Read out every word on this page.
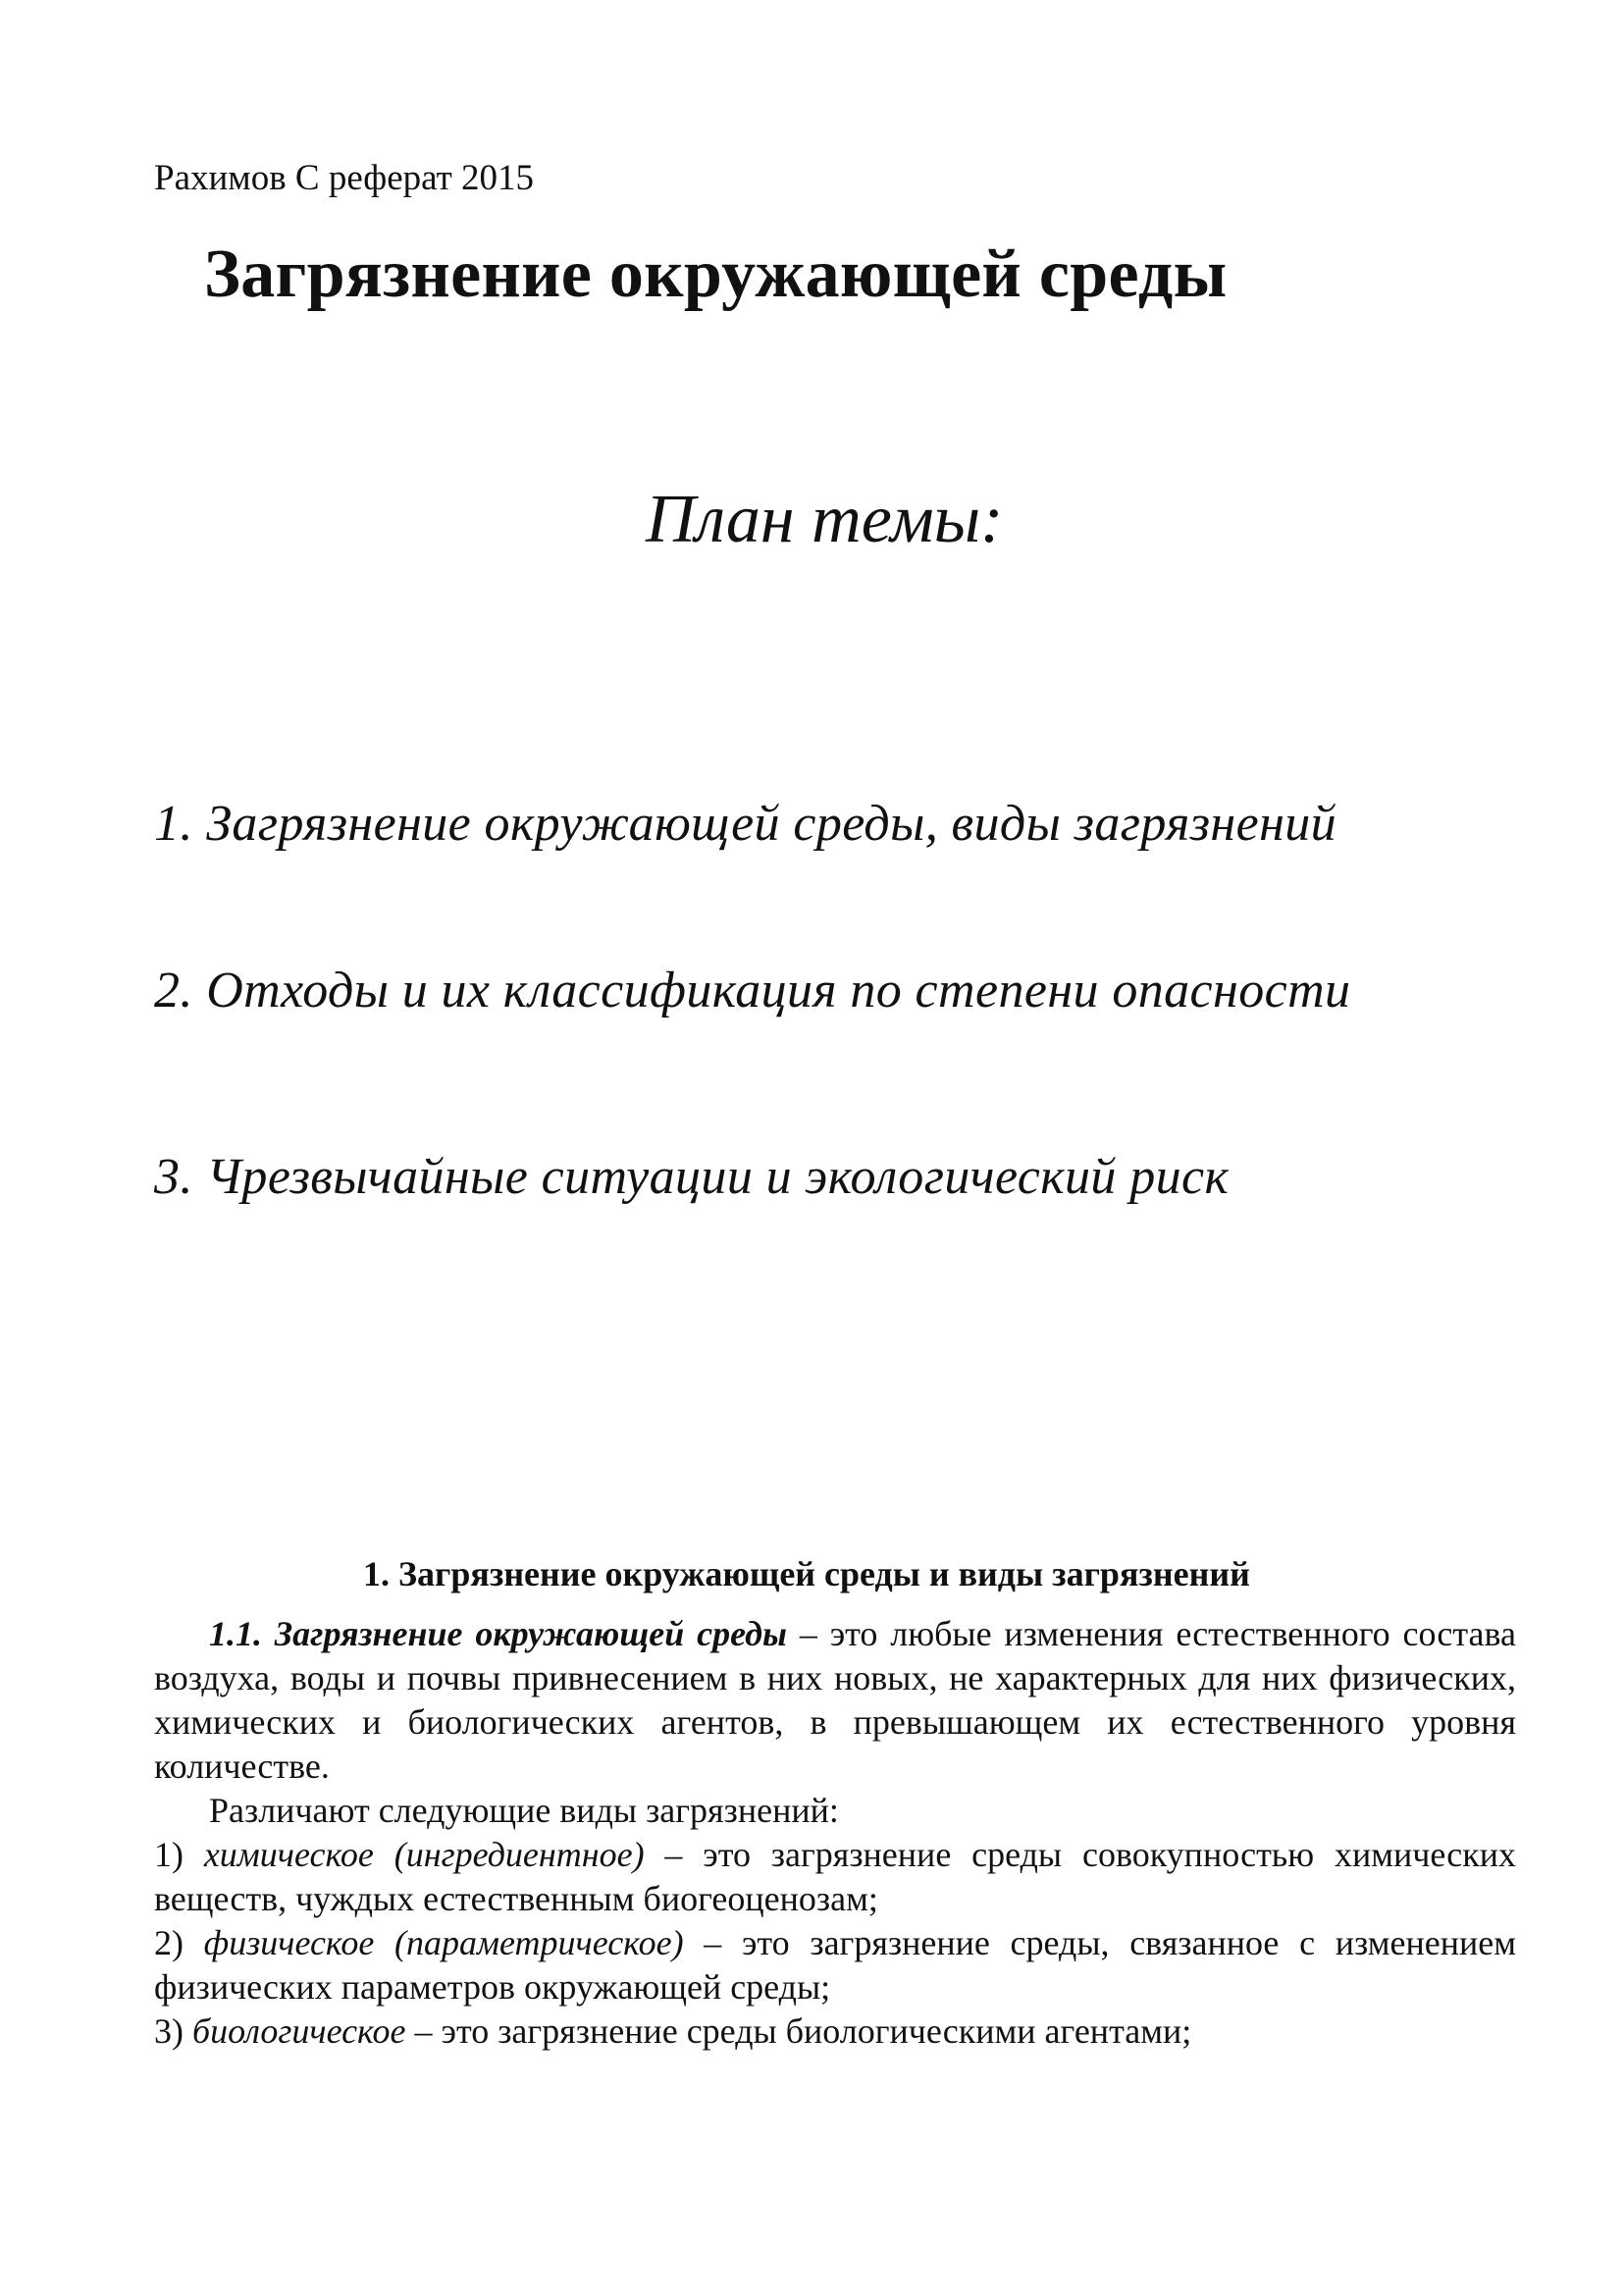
Рахимов С реферат 2015
Загрязнение окружающей среды
План темы:
1. Загрязнение окружающей среды, виды загрязнений
2. Отходы и их классификация по степени опасности
3. Чрезвычайные ситуации и экологический риск
1. Загрязнение окружающей среды и виды загрязнений

1.1. Загрязнение окружающей среды – это любые изменения естественного состава воздуха, воды и почвы привнесением в них новых, не характерных для них физических, химических и биологических агентов, в превышающем их естественного уровня количестве.

Различают следующие виды загрязнений:

1) химическое (ингредиентное) – это загрязнение среды совокупностью химических веществ, чуждых естественным биогеоценозам;

2) физическое (параметрическое) – это загрязнение среды, связанное с изменением физических параметров окружающей среды;

3) биологическое – это загрязнение среды биологическими агентами;
